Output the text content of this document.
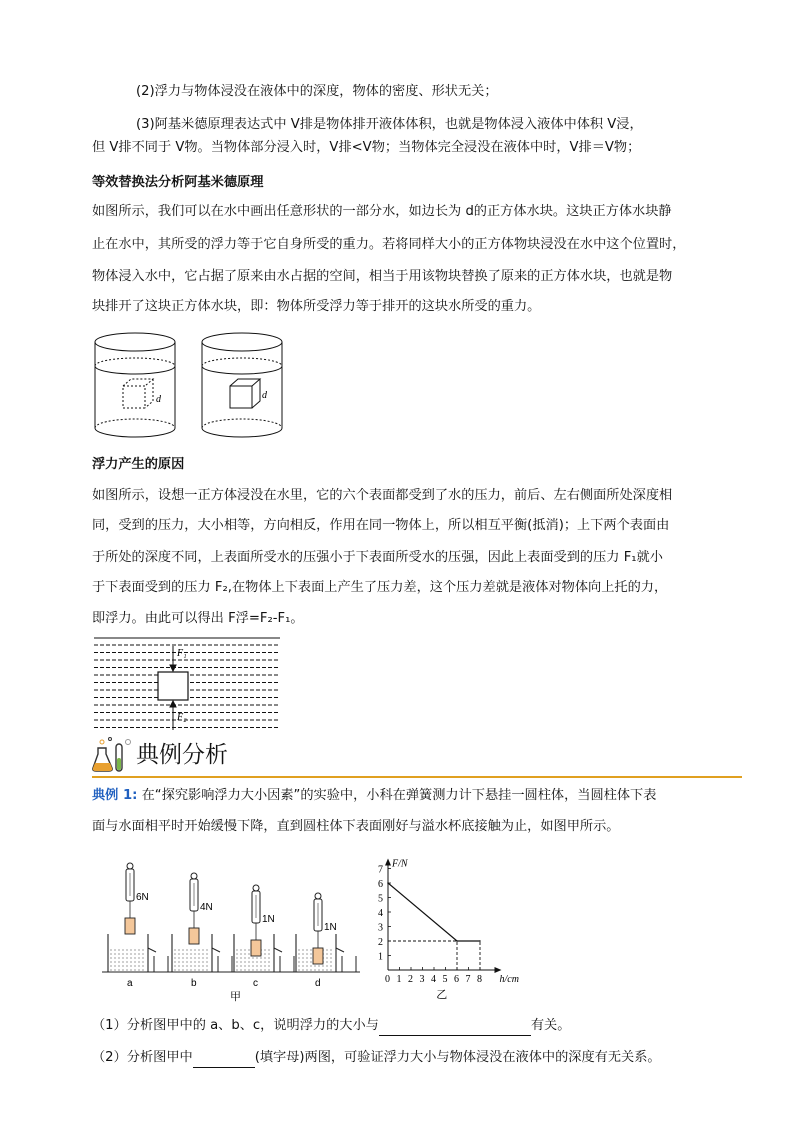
(2)浮力与物体浸没在液体中的深度，物体的密度、形状无关；
(3)阿基米德原理表达式中 V排是物体排开液体体积，也就是物体浸入液体中体积 V浸，
但 V排不同于 V物。当物体部分浸入时，V排<V物；当物体完全浸没在液体中时，V排＝V物；
等效替换法分析阿基米德原理
如图所示，我们可以在水中画出任意形状的一部分水，如边长为 d的正方体水块。这块正方体水块静
止在水中，其所受的浮力等于它自身所受的重力。若将同样大小的正方体物块浸没在水中这个位置时，
物体浸入水中，它占据了原来由水占据的空间，相当于用该物块替换了原来的正方体水块，也就是物
块排开了这块正方体水块，即：物体所受浮力等于排开的这块水所受的重力。
d	d
浮力产生的原因
如图所示，设想一正方体浸没在水里，它的六个表面都受到了水的压力，前后、左右侧面所处深度相
同，受到的压力，大小相等，方向相反，作用在同一物体上，所以相互平衡(抵消)；上下两个表面由
于所处的深度不同，上表面所受水的压强小于下表面所受水的压强，因此上表面受到的压力 F₁就小
于下表面受到的压力 F₂,在物体上下表面上产生了压力差，这个压力差就是液体对物体向上托的力，
即浮力。由此可以得出 F浮=F₂-F₁。
F₁
F₂
典例分析
典例 1: 在“探究影响浮力大小因素”的实验中，小科在弹簧测力计下悬挂一圆柱体，当圆柱体下表
面与水面相平时开始缓慢下降，直到圆柱体下表面刚好与溢水杯底接触为止，如图甲所示。
6N
a
4N
b
1N
c
1N
d
甲
0 1 2 3 4 5 6 7 8
1
2
3
4
5
6
7
F/N
h/cm
乙
（1）分析图甲中的 a、b、c，说明浮力的大小与	有关。
（2）分析图甲中	(填字母)两图，可验证浮力大小与物体浸没在液体中的深度有无关系。
